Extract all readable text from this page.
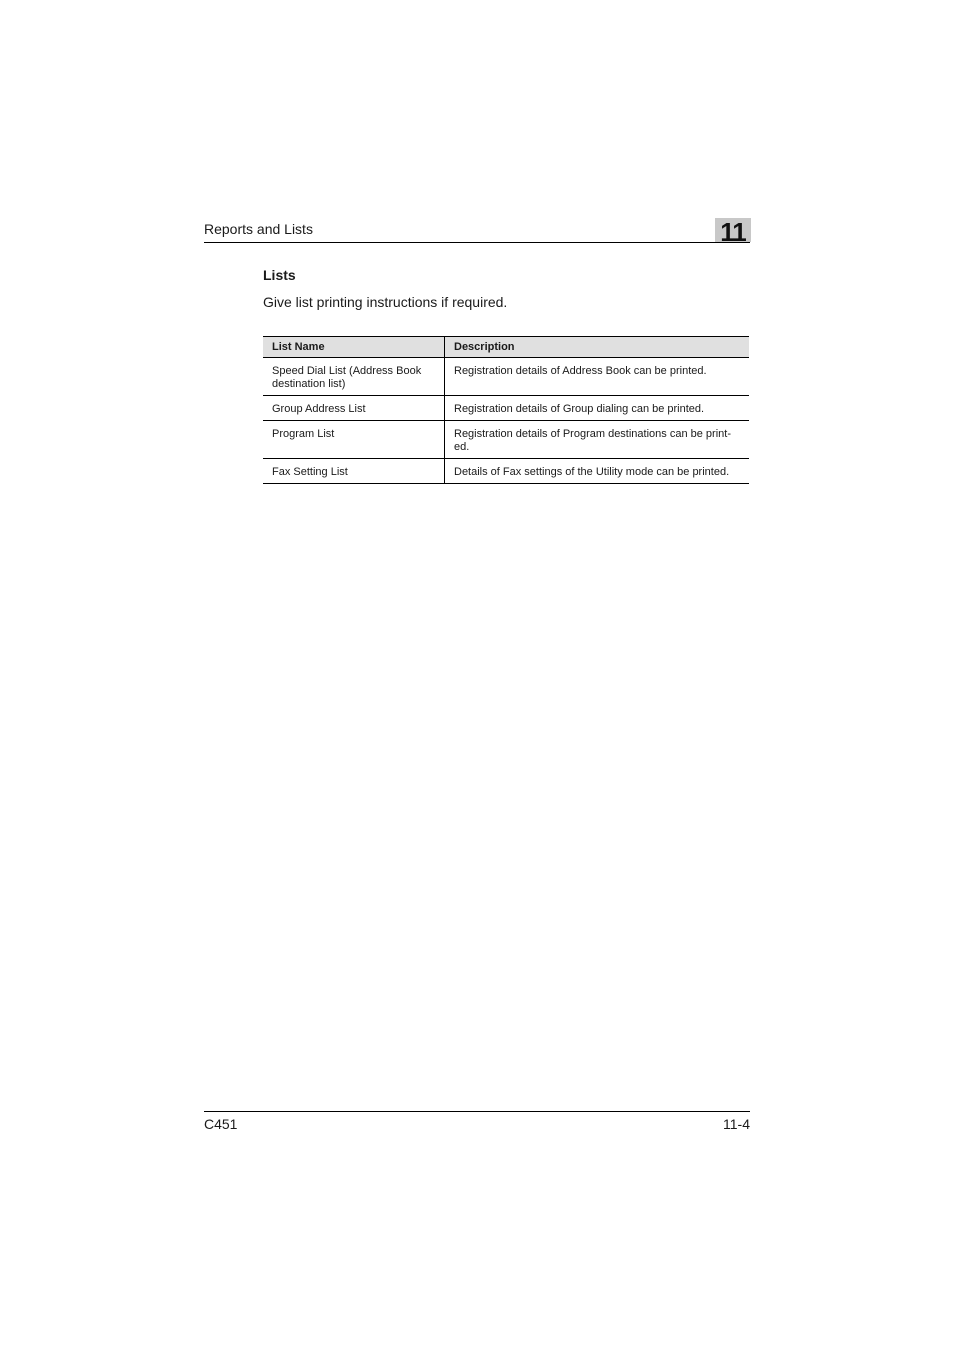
Reports and Lists	11
Lists
Give list printing instructions if required.
List Name	Description
Speed Dial List (Address Book destination list)	Registration details of Address Book can be printed.
Group Address List	Registration details of Group dialing can be printed.
Program List	Registration details of Program destinations can be print-ed.
Fax Setting List	Details of Fax settings of the Utility mode can be printed.
C451	11-4
